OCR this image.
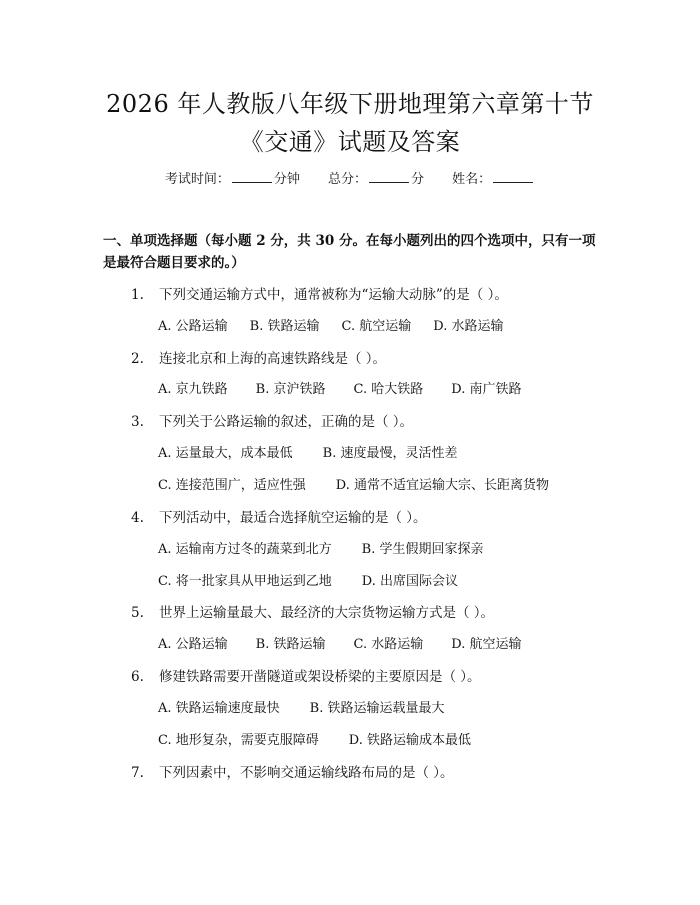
2026 年人教版八年级下册地理第六章第十节
《交通》试题及答案
考试时间：	分钟 总分：	分 姓名：
一、单项选择题（每小题 2 分，共 30 分。在每小题列出的四个选项中，只有一项
是最符合题目要求的。）
1. 下列交通运输方式中，通常被称为“运输大动脉”的是（ ）。
A. 公路运输 B. 铁路运输 C. 航空运输 D. 水路运输
2. 连接北京和上海的高速铁路线是（ ）。
A. 京九铁路 B. 京沪铁路 C. 哈大铁路 D. 南广铁路
3. 下列关于公路运输的叙述，正确的是（ ）。
A. 运量最大，成本最低 B. 速度最慢，灵活性差
C. 连接范围广，适应性强 D. 通常不适宜运输大宗、长距离货物
4. 下列活动中，最适合选择航空运输的是（ ）。
A. 运输南方过冬的蔬菜到北方 B. 学生假期回家探亲
C. 将一批家具从甲地运到乙地 D. 出席国际会议
5. 世界上运输量最大、最经济的大宗货物运输方式是（ ）。
A. 公路运输 B. 铁路运输 C. 水路运输 D. 航空运输
6. 修建铁路需要开凿隧道或架设桥梁的主要原因是（ ）。
A. 铁路运输速度最快 B. 铁路运输运载量最大
C. 地形复杂，需要克服障碍 D. 铁路运输成本最低
7. 下列因素中，不影响交通运输线路布局的是（ ）。
